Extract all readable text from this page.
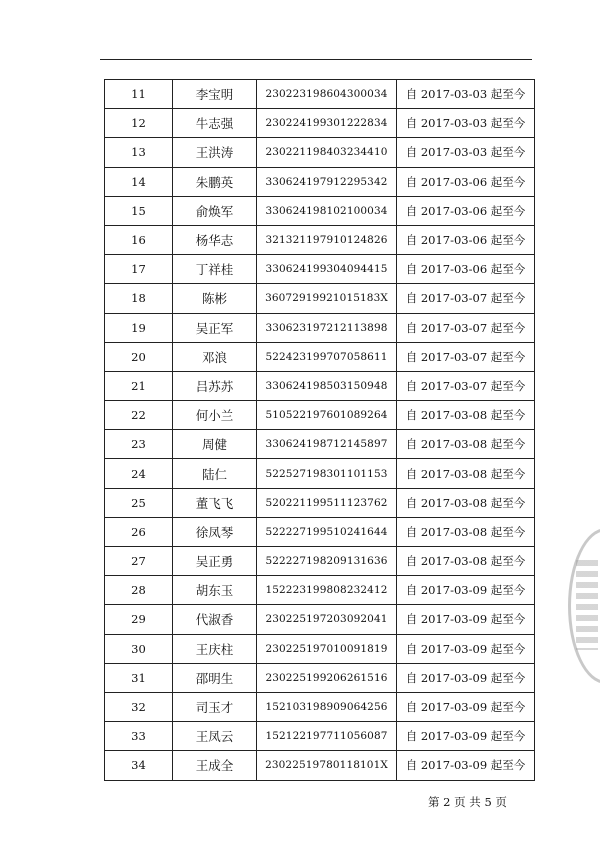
11	李宝明	230223198604300034	自 2017-03-03 起至今
12	牛志强	230224199301222834	自 2017-03-03 起至今
13	王洪涛	230221198403234410	自 2017-03-03 起至今
14	朱鹏英	330624197912295342	自 2017-03-06 起至今
15	俞焕军	330624198102100034	自 2017-03-06 起至今
16	杨华志	321321197910124826	自 2017-03-06 起至今
17	丁祥桂	330624199304094415	自 2017-03-06 起至今
18	陈彬	36072919921015183X	自 2017-03-07 起至今
19	吴正军	330623197212113898	自 2017-03-07 起至今
20	邓浪	522423199707058611	自 2017-03-07 起至今
21	吕苏苏	330624198503150948	自 2017-03-07 起至今
22	何小兰	510522197601089264	自 2017-03-08 起至今
23	周健	330624198712145897	自 2017-03-08 起至今
24	陆仁	522527198301101153	自 2017-03-08 起至今
25	董飞飞	520221199511123762	自 2017-03-08 起至今
26	徐凤琴	522227199510241644	自 2017-03-08 起至今
27	吴正勇	522227198209131636	自 2017-03-08 起至今
28	胡东玉	152223199808232412	自 2017-03-09 起至今
29	代淑香	230225197203092041	自 2017-03-09 起至今
30	王庆柱	230225197010091819	自 2017-03-09 起至今
31	邵明生	230225199206261516	自 2017-03-09 起至今
32	司玉才	152103198909064256	自 2017-03-09 起至今
33	王凤云	152122197711056087	自 2017-03-09 起至今
34	王成全	23022519780118101X	自 2017-03-09 起至今
第 2 页 共 5 页
